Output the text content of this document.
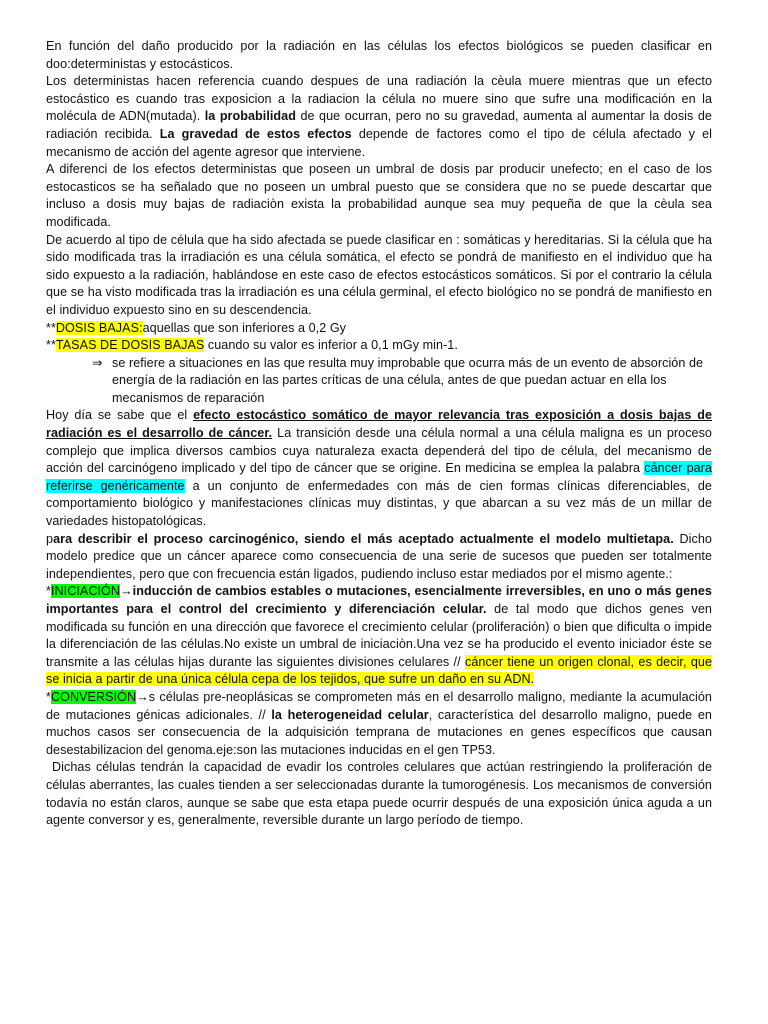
En función del daño producido por la radiación en las células los efectos biológicos se pueden clasificar en doo:deterministas y estocásticos.

Los deterministas hacen referencia cuando despues de una radiación la cèula muere mientras que un efecto estocástico es cuando tras exposicion a la radiacion la célula no muere sino que sufre una modificación en la molécula de ADN(mutada). la probabilidad de que ocurran, pero no su gravedad, aumenta al aumentar la dosis de radiación recibida. La gravedad de estos efectos depende de factores como el tipo de célula afectado y el mecanismo de acción del agente agresor que interviene.

A diferenci de los efectos deterministas que poseen un umbral de dosis par producir unefecto; en el caso de los estocasticos se ha señalado que no poseen un umbral puesto que se considera que no se puede descartar que incluso a dosis muy bajas de radiaciòn exista la probabilidad aunque sea muy pequeña de que la cèula sea modificada.

De acuerdo al tipo de célula que ha sido afectada se puede clasificar en : somáticas y hereditarias. Si la célula que ha sido modificada tras la irradiación es una célula somática, el efecto se pondrá de manifiesto en el individuo que ha sido expuesto a la radiación, hablándose en este caso de efectos estocásticos somáticos. Si por el contrario la célula que se ha visto modificada tras la irradiación es una célula germinal, el efecto biológico no se pondrá de manifiesto en el individuo expuesto sino en su descendencia.

**DOSIS BAJAS:aquellas que son inferiores a 0,2 Gy

**TASAS DE DOSIS BAJAS cuando su valor es inferior a 0,1 mGy min-1.

⇒ se refiere a situaciones en las que resulta muy improbable que ocurra más de un evento de absorción de energía de la radiación en las partes críticas de una célula, antes de que puedan actuar en ella los mecanismos de reparación

Hoy día se sabe que el efecto estocástico somático de mayor relevancia tras exposición a dosis bajas de radiación es el desarrollo de cáncer. La transición desde una célula normal a una célula maligna es un proceso complejo que implica diversos cambios cuya naturaleza exacta dependerá del tipo de célula, del mecanismo de acción del carcinógeno implicado y del tipo de cáncer que se origine. En medicina se emplea la palabra cáncer para referirse genéricamente a un conjunto de enfermedades con más de cien formas clínicas diferenciables, de comportamiento biológico y manifestaciones clínicas muy distintas, y que abarcan a su vez más de un millar de variedades histopatológicas.

para describir el proceso carcinogénico, siendo el más aceptado actualmente el modelo multietapa. Dicho modelo predice que un cáncer aparece como consecuencia de una serie de sucesos que pueden ser totalmente independientes, pero que con frecuencia están ligados, pudiendo incluso estar mediados por el mismo agente.:

*INICIACIÓN→inducción de cambios estables o mutaciones, esencialmente irreversibles, en uno o más genes importantes para el control del crecimiento y diferenciación celular. de tal modo que dichos genes ven modificada su función en una dirección que favorece el crecimiento celular (proliferación) o bien que dificulta o impide la diferenciación de las células.No existe un umbral de iniciaciòn.Una vez se ha producido el evento iniciador éste se transmite a las células hijas durante las siguientes divisiones celulares // cáncer tiene un origen clonal, es decir, que se inicia a partir de una única célula cepa de los tejidos, que sufre un daño en su ADN.

*CONVERSIÓN→s células pre-neoplásicas se comprometen más en el desarrollo maligno, mediante la acumulación de mutaciones génicas adicionales. // la heterogeneidad celular, característica del desarrollo maligno, puede en muchos casos ser consecuencia de la adquisición temprana de mutaciones en genes específicos que causan desestabilizacion del genoma.eje:son las mutaciones inducidas en el gen TP53.

Dichas células tendrán la capacidad de evadir los controles celulares que actúan restringiendo la proliferación de células aberrantes, las cuales tienden a ser seleccionadas durante la tumorogénesis. Los mecanismos de conversión todavía no están claros, aunque se sabe que esta etapa puede ocurrir después de una exposición única aguda a un agente conversor y es, generalmente, reversible durante un largo período de tiempo.
